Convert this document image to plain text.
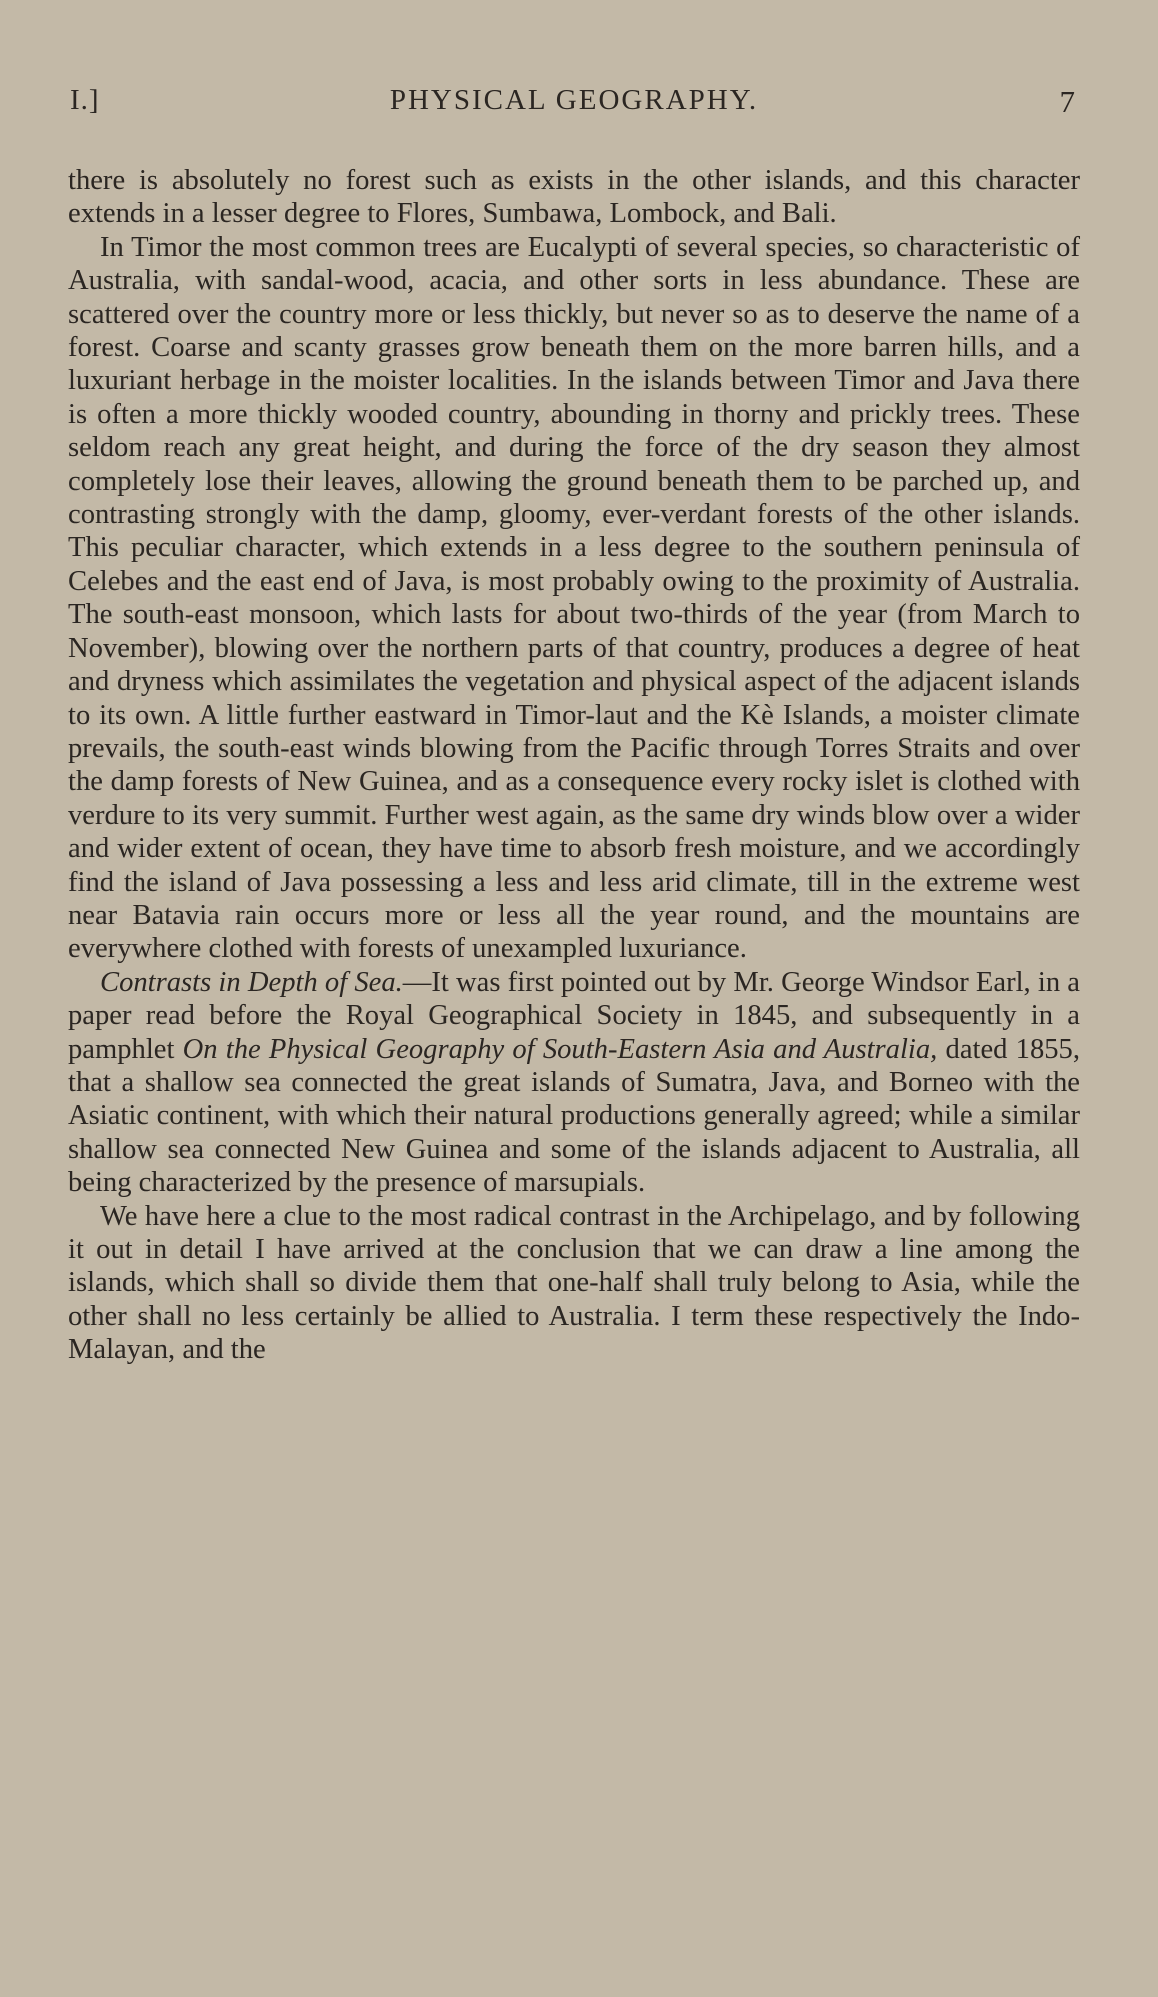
I.]	PHYSICAL GEOGRAPHY.	7

there is absolutely no forest such as exists in the other islands, and this character extends in a lesser degree to Flores, Sumbawa, Lombock, and Bali.

In Timor the most common trees are Eucalypti of several species, so characteristic of Australia, with sandal-wood, acacia, and other sorts in less abundance. These are scattered over the country more or less thickly, but never so as to deserve the name of a forest. Coarse and scanty grasses grow beneath them on the more barren hills, and a luxuriant herbage in the moister localities. In the islands between Timor and Java there is often a more thickly wooded country, abounding in thorny and prickly trees. These seldom reach any great height, and during the force of the dry season they almost completely lose their leaves, allowing the ground beneath them to be parched up, and contrasting strongly with the damp, gloomy, ever-verdant forests of the other islands. This peculiar character, which extends in a less degree to the southern peninsula of Celebes and the east end of Java, is most probably owing to the proximity of Australia. The south-east monsoon, which lasts for about two-thirds of the year (from March to November), blowing over the northern parts of that country, produces a degree of heat and dryness which assimilates the vegetation and physical aspect of the adjacent islands to its own. A little further eastward in Timor-laut and the Kè Islands, a moister climate prevails, the south-east winds blowing from the Pacific through Torres Straits and over the damp forests of New Guinea, and as a consequence every rocky islet is clothed with verdure to its very summit. Further west again, as the same dry winds blow over a wider and wider extent of ocean, they have time to absorb fresh moisture, and we accordingly find the island of Java possessing a less and less arid climate, till in the extreme west near Batavia rain occurs more or less all the year round, and the mountains are everywhere clothed with forests of unexampled luxuriance.

Contrasts in Depth of Sea.—It was first pointed out by Mr. George Windsor Earl, in a paper read before the Royal Geographical Society in 1845, and subsequently in a pamphlet On the Physical Geography of South-Eastern Asia and Australia, dated 1855, that a shallow sea connected the great islands of Sumatra, Java, and Borneo with the Asiatic continent, with which their natural productions generally agreed; while a similar shallow sea connected New Guinea and some of the islands adjacent to Australia, all being characterized by the presence of marsupials.

We have here a clue to the most radical contrast in the Archipelago, and by following it out in detail I have arrived at the conclusion that we can draw a line among the islands, which shall so divide them that one-half shall truly belong to Asia, while the other shall no less certainly be allied to Australia. I term these respectively the Indo-Malayan, and the
